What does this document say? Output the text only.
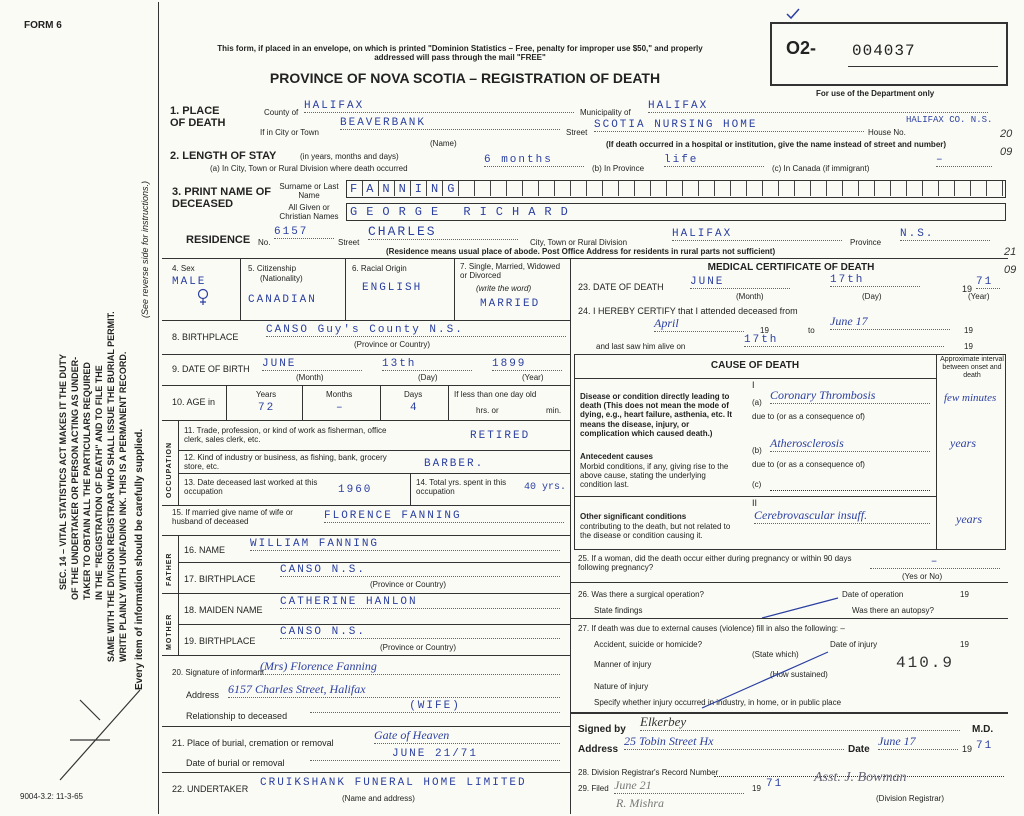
FORM 6
This form, if placed in an envelope, on which is printed "Dominion Statistics – Free, penalty for improper use $50," and properly addressed will pass through the mail "FREE"
PROVINCE OF NOVA SCOTIA – REGISTRATION OF DEATH
O2- 004037
For use of the Department only
SEC. 14 – VITAL STATISTICS ACT MAKES IT THE DUTY OF THE UNDERTAKER OR PERSON ACTING AS UNDER- TAKER TO OBTAIN ALL THE PARTICULARS REQUIRED IN THE "REGISTRATION OF DEATH" AND TO FILE THE SAME WITH THE DIVISION REGISTRAR WHO SHALL ISSUE THE BURIAL PERMIT. WRITE PLAINLY WITH UNFADING INK. THIS IS A PERMANENT RECORD. Every item of information should be carefully supplied.
(See reverse side for instructions.)
9004-3.2: 11-3-65
1. PLACE OF DEATH
County of
HALIFAX
Municipality of
HALIFAX
If in City or Town
BEAVERBANK
(Name)
Street
SCOTIA NURSING HOME
House No.
HALIFAX CO. N.S.
(If death occurred in a hospital or institution, give the name instead of street and number)
2. LENGTH OF STAY	(in years, months and days)
(a) In City, Town or Rural Division where death occurred
6 months
(b) In Province
life
(c) In Canada (if immigrant)
–
3. PRINT NAME OF DECEASED
Surname or Last Name	FANNING
All Given or Christian Names GEORGE RICHARD
RESIDENCE No.
6157
Street
CHARLES
City, Town or Rural Division
HALIFAX
Province
N.S.
(Residence means usual place of abode. Post Office Address for residents in rural parts not sufficient)
OCCUPATION
FATHER
MOTHER
4. Sex
MALE
5. Citizenship
(Nationality)
CANADIAN
6. Racial Origin
ENGLISH
7. Single, Married, Widowed or Divorced
(write the word)
MARRIED
8. BIRTHPLACE
CANSO Guy's County N.S.
(Province or Country)
9. DATE OF BIRTH JUNE	13th	1899
(Month)	(Day)	(Year)
10. AGE in
Years
72
Months
–
Days
4
If less than one day old
hrs. or	min.
11. Trade, profession, or kind of work as fisherman, office clerk, sales clerk, etc.	RETIRED
12. Kind of industry or business, as fishing, bank, grocery store, etc.	BARBER.
13. Date deceased last worked at this occupation	1960
14. Total yrs. spent in this occupation	40 yrs.
15. If married give name of wife or husband of deceased	FLORENCE FANNING
16. NAME WILLIAM FANNING
17. BIRTHPLACE
CANSO N.S.
(Province or Country)
18. MAIDEN NAME
CATHERINE HANLON
19. BIRTHPLACE
CANSO N.S.
(Province or Country)
20. Signature of informant
(Mrs) Florence Fanning
Address 6157 Charles Street, Halifax
Relationship to deceased
(WIFE)
21. Place of burial, cremation or removal
Gate of Heaven
Date of burial or removal
JUNE 21/71
22. UNDERTAKER CRUIKSHANK FUNERAL HOME LIMITED
(Name and address)
MEDICAL CERTIFICATE OF DEATH
23. DATE OF DEATH JUNE	17th
19
71
(Month)	(Day)	(Year)
24. I HEREBY CERTIFY that I attended deceased from
April
19	to
June 17
19
and last saw him alive on
17th
19
CAUSE OF DEATH
Approximate interval between onset and death
I
Disease or condition directly leading to death (This does not mean the mode of dying, e.g., heart failure, asthenia, etc. It means the disease, injury, or complication which caused death.)
(a)
Coronary Thrombosis	few minutes
due to (or as a consequence of)
Antecedent causes
Morbid conditions, if any, giving rise to the above cause, stating the underlying condition last.
(b)
Atherosclerosis	years
due to (or as a consequence of)
(c)
II
Other significant conditions
contributing to the death, but not related to the disease or condition causing it.
Cerebrovascular insuff.	years
25. If a woman, did the death occur either during pregnancy or within 90 days following pregnancy?	–
(Yes or No)
26. Was there a surgical operation?	Date of operation	19
State findings	Was there an autopsy?
27. If death was due to external causes (violence) fill in also the following: –
Accident, suicide or homicide?
(State which)
Date of injury	19
Manner of injury	410.9
(How sustained)
Nature of injury
Specify whether injury occurred in industry, in home, or in public place
Signed by
Elkerbey
M.D.
Address
25 Tobin Street Hx
Date
June 17
19 71
28. Division Registrar's Record Number
29. Filed June 21	19 71 Asst. J. Bowman
(Division Registrar)
R. Mishra
20
09
21
09
